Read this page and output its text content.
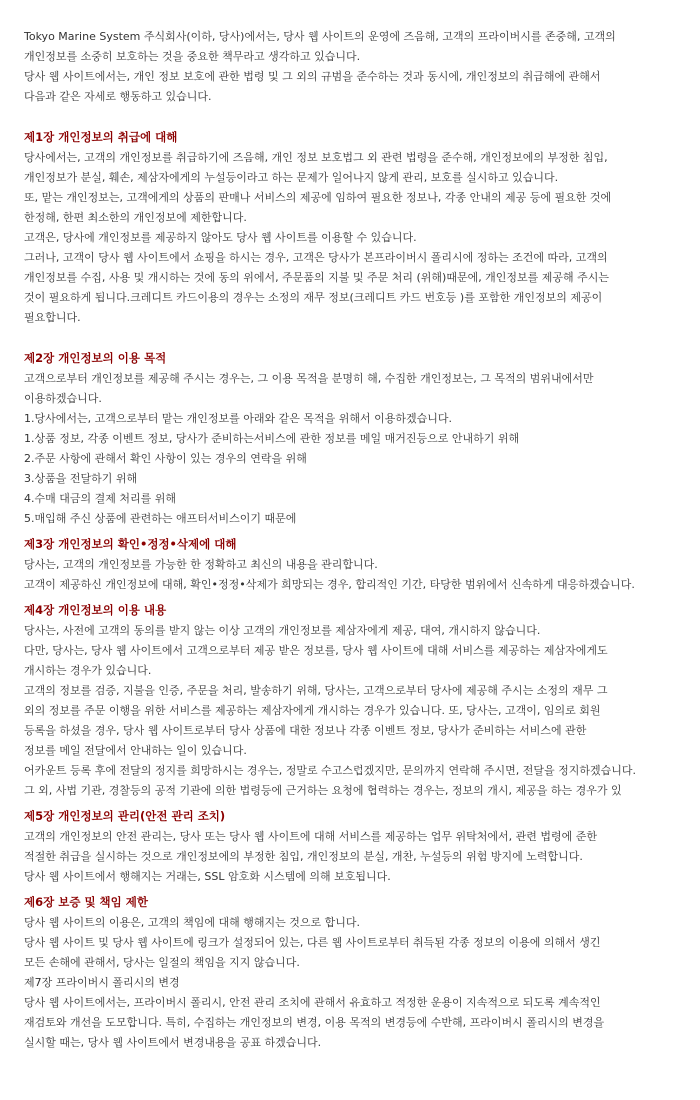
Tokyo Marine System 주식회사(이하, 당사)에서는, 당사 웹 사이트의 운영에 즈음해, 고객의 프라이버시를 존중해, 고객의
개인정보를 소중히 보호하는 것을 중요한 책무라고 생각하고 있습니다.
당사 웹 사이트에서는, 개인 정보 보호에 관한 법령 및 그 외의 규범을 준수하는 것과 동시에, 개인정보의 취급해에 관해서
다음과 같은 자세로 행동하고 있습니다.
제1장 개인정보의 취급에 대해
당사에서는, 고객의 개인정보를 취급하기에 즈음해, 개인 정보 보호법그 외 관련 법령을 준수해, 개인정보에의 부정한 침입,
개인정보가 분실, 훼손, 제삼자에게의 누설등이라고 하는 문제가 일어나지 않게 관리, 보호를 실시하고 있습니다.
또, 맡는 개인정보는, 고객에게의 상품의 판매나 서비스의 제공에 임하여 필요한 정보나, 각종 안내의 제공 등에 필요한 것에
한정해, 한편 최소한의 개인정보에 제한합니다.
고객은, 당사에 개인정보를 제공하지 않아도 당사 웹 사이트를 이용할 수 있습니다.
그러나, 고객이 당사 웹 사이트에서 쇼핑을 하시는 경우, 고객은 당사가 본프라이버시 폴리시에 정하는 조건에 따라, 고객의
개인정보를 수집, 사용 및 개시하는 것에 동의 위에서, 주문품의 지불 및 주문 처리 (위해)때문에, 개인정보를 제공해 주시는
것이 필요하게 됩니다.크레디트 카드이용의 경우는 소정의 재무 정보(크레디트 카드 번호등 )를 포함한 개인정보의 제공이
필요합니다.
제2장 개인정보의 이용 목적
고객으로부터 개인정보를 제공해 주시는 경우는, 그 이용 목적을 분명히 해, 수집한 개인정보는, 그 목적의 범위내에서만
이용하겠습니다.
1.당사에서는, 고객으로부터 맡는 개인정보를 아래와 같은 목적을 위해서 이용하겠습니다.
1.상품 정보, 각종 이벤트 정보, 당사가 준비하는서비스에 관한 정보를 메일 매거진등으로 안내하기 위해
2.주문 사항에 관해서 확인 사항이 있는 경우의 연락을 위해
3.상품을 전달하기 위해
4.수매 대금의 결제 처리를 위해
5.매입해 주신 상품에 관련하는 애프터서비스이기 때문에
제3장 개인정보의 확인•정정•삭제에 대해
당사는, 고객의 개인정보를 가능한 한 정확하고 최신의 내용을 관리합니다.
고객이 제공하신 개인정보에 대해, 확인•정정•삭제가 희망되는 경우, 합리적인 기간, 타당한 범위에서 신속하게 대응하겠습니다.
제4장 개인정보의 이용 내용
당사는, 사전에 고객의 동의를 받지 않는 이상 고객의 개인정보를 제삼자에게 제공, 대여, 개시하지 않습니다.
다만, 당사는, 당사 웹 사이트에서 고객으로부터 제공 받은 정보를, 당사 웹 사이트에 대해 서비스를 제공하는 제삼자에게도
개시하는 경우가 있습니다.
고객의 정보를 검증, 지불을 인증, 주문을 처리, 발송하기 위해, 당사는, 고객으로부터 당사에 제공해 주시는 소정의 재무 그
외의 정보를 주문 이행을 위한 서비스를 제공하는 제삼자에게 개시하는 경우가 있습니다. 또, 당사는, 고객이, 임의로 회원
등록을 하셨을 경우, 당사 웹 사이트로부터 당사 상품에 대한 정보나 각종 이벤트 정보, 당사가 준비하는 서비스에 관한
정보를 메일 전달에서 안내하는 일이 있습니다.
어카운트 등록 후에 전달의 정지를 희망하시는 경우는, 정말로 수고스럽겠지만, 문의까지 연락해 주시면, 전달을 정지하겠습니다.
그 외, 사법 기관, 경찰등의 공적 기관에 의한 법령등에 근거하는 요청에 협력하는 경우는, 정보의 개시, 제공을 하는 경우가 있
제5장 개인정보의 관리(안전 관리 조치)
고객의 개인정보의 안전 관리는, 당사 또는 당사 웹 사이트에 대해 서비스를 제공하는 업무 위탁처에서, 관련 법령에 준한
적절한 취급을 실시하는 것으로 개인정보에의 부정한 침입, 개인정보의 분실, 개찬, 누설등의 위험 방지에 노력합니다.
당사 웹 사이트에서 행해지는 거래는, SSL 암호화 시스템에 의해 보호됩니다.
제6장 보증 및 책임 제한
당사 웹 사이트의 이용은, 고객의 책임에 대해 행해지는 것으로 합니다.
당사 웹 사이트 및 당사 웹 사이트에 링크가 설정되어 있는, 다른 웹 사이트로부터 취득된 각종 정보의 이용에 의해서 생긴
모든 손해에 관해서, 당사는 일절의 책임을 지지 않습니다.
제7장 프라이버시 폴리시의 변경
당사 웹 사이트에서는, 프라이버시 폴리시, 안전 관리 조치에 관해서 유효하고 적정한 운용이 지속적으로 되도록 계속적인
재검토와 개선을 도모합니다. 특히, 수집하는 개인정보의 변경, 이용 목적의 변경등에 수반해, 프라이버시 폴리시의 변경을
실시할 때는, 당사 웹 사이트에서 변경내용을 공표 하겠습니다.
